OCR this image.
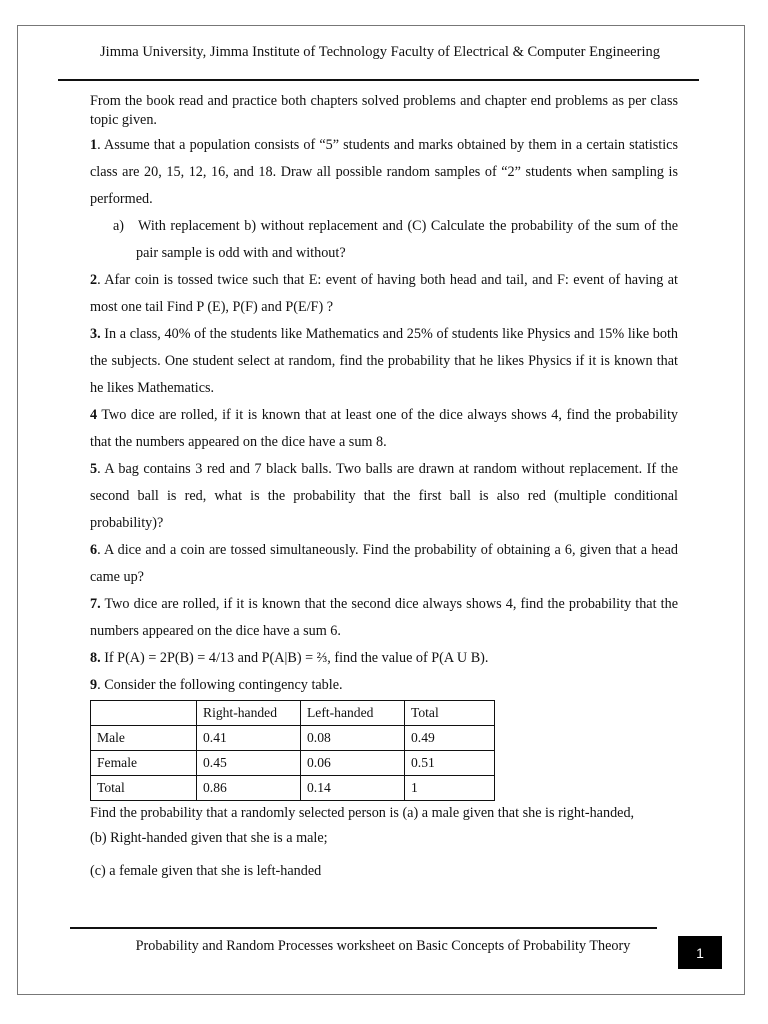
Jimma University, Jimma Institute of Technology Faculty of Electrical & Computer Engineering

From the book read and practice both chapters solved problems and chapter end problems as per class topic given.

1. Assume that a population consists of “5” students and marks obtained by them in a certain statistics class are 20, 15, 12, 16, and 18. Draw all possible random samples of “2” students when sampling is performed.

a) With replacement b) without replacement and (C) Calculate the probability of the sum of the pair sample is odd with and without?

2. Afar coin is tossed twice such that E: event of having both head and tail, and F: event of having at most one tail Find P (E), P(F) and P(E/F) ?

3. In a class, 40% of the students like Mathematics and 25% of students like Physics and 15% like both the subjects. One student select at random, find the probability that he likes Physics if it is known that he likes Mathematics.

4 Two dice are rolled, if it is known that at least one of the dice always shows 4, find the probability that the numbers appeared on the dice have a sum 8.

5. A bag contains 3 red and 7 black balls. Two balls are drawn at random without replacement. If the second ball is red, what is the probability that the first ball is also red (multiple conditional probability)?

6. A dice and a coin are tossed simultaneously. Find the probability of obtaining a 6, given that a head came up?

7. Two dice are rolled, if it is known that the second dice always shows 4, find the probability that the numbers appeared on the dice have a sum 6.

8. If P(A) = 2P(B) = 4/13 and P(A|B) = ⅔, find the value of P(A U B).

9. Consider the following contingency table.

	Right-handed	Left-handed	Total
Male	0.41	0.08	0.49
Female	0.45	0.06	0.51
Total	0.86	0.14	1

Find the probability that a randomly selected person is (a) a male given that she is right-handed,

(b) Right-handed given that she is a male;

(c) a female given that she is left-handed

Probability and Random Processes worksheet on Basic Concepts of Probability Theory	1
